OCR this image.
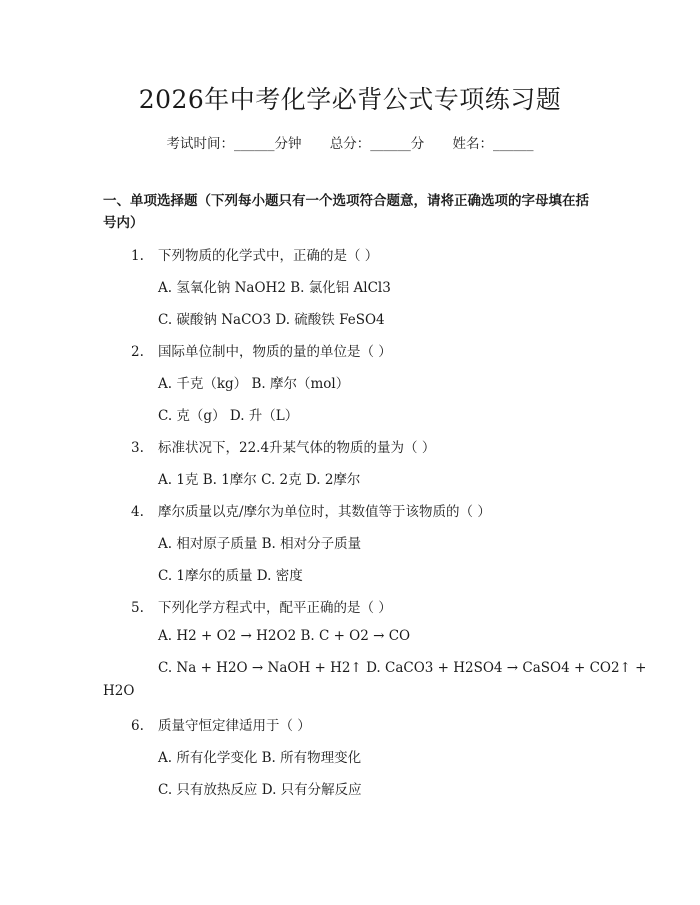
2026年中考化学必背公式专项练习题
考试时间：______分钟 总分：______分 姓名：______
一、单项选择题（下列每小题只有一个选项符合题意，请将正确选项的字母填在括号内）
1. 下列物质的化学式中，正确的是（ ）
A. 氢氧化钠 NaOH2 B. 氯化铝 AlCl3
C. 碳酸钠 NaCO3 D. 硫酸铁 FeSO4
2. 国际单位制中，物质的量的单位是（ ）
A. 千克（kg） B. 摩尔（mol）
C. 克（g） D. 升（L）
3. 标准状况下，22.4升某气体的物质的量为（ ）
A. 1克 B. 1摩尔 C. 2克 D. 2摩尔
4. 摩尔质量以克/摩尔为单位时，其数值等于该物质的（ ）
A. 相对原子质量 B. 相对分子质量
C. 1摩尔的质量 D. 密度
5. 下列化学方程式中，配平正确的是（ ）
A. H2 + O2 → H2O2 B. C + O2 → CO
C. Na + H2O → NaOH + H2↑ D. CaCO3 + H2SO4 → CaSO4 + CO2↑ +
H2O
6. 质量守恒定律适用于（ ）
A. 所有化学变化 B. 所有物理变化
C. 只有放热反应 D. 只有分解反应
